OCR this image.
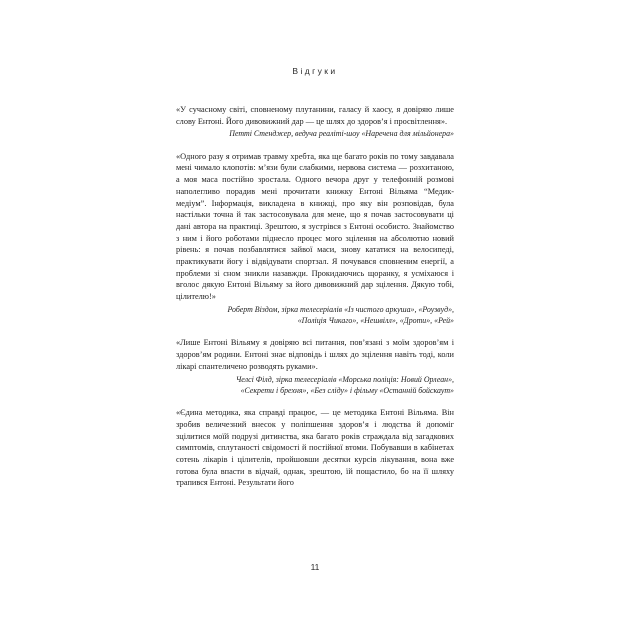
Відгуки

«У сучасному світі, сповненому плутанини, галасу й хаосу, я довіряю лише слову Ентоні. Його дивовижний дар — це шлях до здоров’я і просвітлення».

Петті Стенджер, ведуча реаліті-шоу «Наречена для мільйонера»

«Одного разу я отримав травму хребта, яка ще багато років по тому завдавала мені чимало клопотів: м’язи були слабкими, нервова система — розхитаною, а моя маса постійно зростала. Одного вечора друг у телефонній розмові наполегливо порадив мені прочитати книжку Ентоні Вільяма “Медик-медіум”. Інформація, викладена в книжці, про яку він розповідав, була настільки точна й так застосовувала для мене, що я почав застосовувати ці дані автора на практиці. Зрештою, я зустрівся з Ентоні особисто. Знайомство з ним і його роботами піднесло процес мого зцілення на абсолютно новий рівень: я почав позбавлятися зайвої маси, знову кататися на велосипеді, практикувати йогу і відвідувати спортзал. Я почувався сповненим енергії, а проблеми зі сном зникли назавжди. Прокидаючись щоранку, я усміхаюся і вголос дякую Ентоні Вільяму за його дивовижний дар зцілення. Дякую тобі, цілителю!»

Роберт Віздом, зірка телесеріалів «Із чистого аркуша», «Роузвуд»,
«Поліція Чикаго», «Нешвілл», «Дроти», «Рей»

«Лише Ентоні Вільяму я довіряю всі питання, пов’язані з моїм здоров’ям і здоров’ям родини. Ентоні знає відповідь і шлях до зцілення навіть тоді, коли лікарі спантеличено розводять руками».

Челсі Філд, зірка телесеріалів «Морська поліція: Новий Орлеан»,
«Секрети і брехня», «Без сліду» і фільму «Останній бойскаут»

«Єдина методика, яка справді працює, — це методика Ентоні Вільяма. Він зробив величезний внесок у поліпшення здоров’я і людства й допоміг зцілитися моїй подрузі дитинства, яка багато років страждала від загадкових симптомів, сплутаності свідомості й постійної втоми. Побувавши в кабінетах сотень лікарів і цілителів, пройшовши десятки курсів лікування, вона вже готова була впасти в відчай, однак, зрештою, їй пощастило, бо на її шляху трапився Ентоні. Результати його

11
